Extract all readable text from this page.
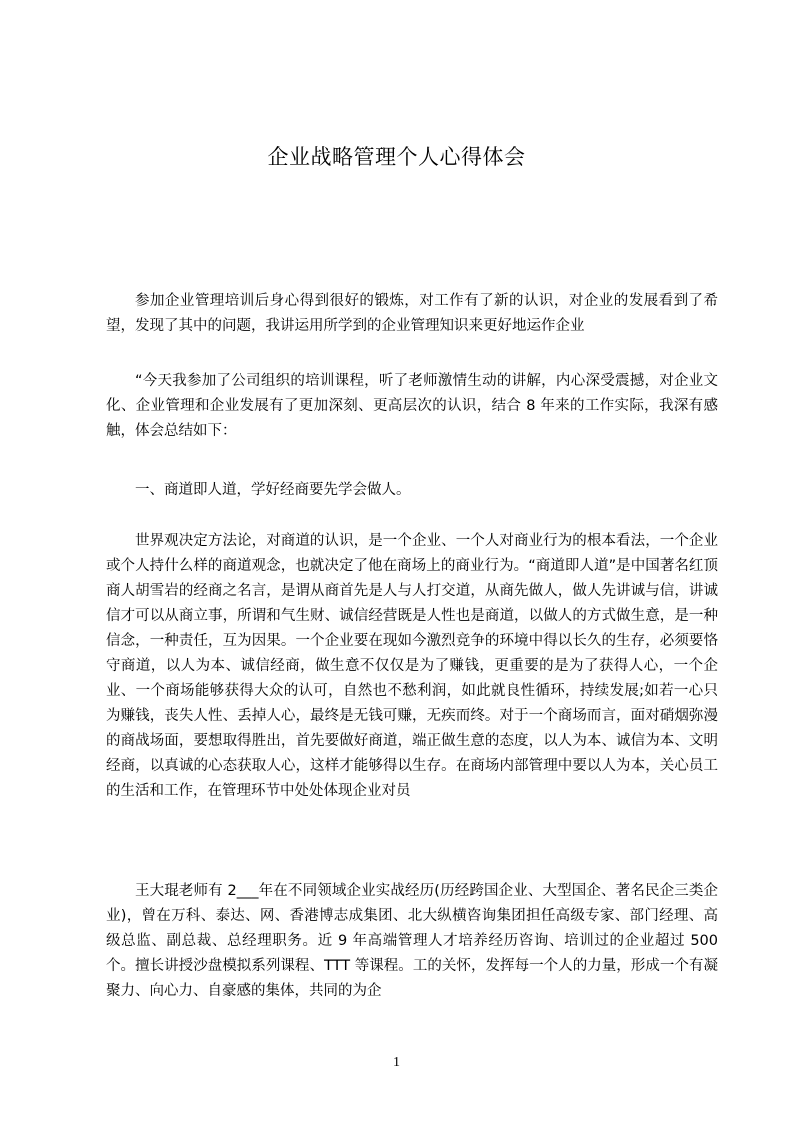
企业战略管理个人心得体会

参加企业管理培训后身心得到很好的锻炼，对工作有了新的认识，对企业的发展看到了希望，发现了其中的问题，我讲运用所学到的企业管理知识来更好地运作企业

“今天我参加了公司组织的培训课程，听了老师激情生动的讲解，内心深受震撼，对企业文化、企业管理和企业发展有了更加深刻、更高层次的认识，结合 8 年来的工作实际，我深有感触，体会总结如下：

一、商道即人道，学好经商要先学会做人。

世界观决定方法论，对商道的认识，是一个企业、一个人对商业行为的根本看法，一个企业或个人持什么样的商道观念，也就决定了他在商场上的商业行为。“商道即人道”是中国著名红顶商人胡雪岩的经商之名言，是谓从商首先是人与人打交道，从商先做人，做人先讲诚与信，讲诚信才可以从商立事，所谓和气生财、诚信经营既是人性也是商道，以做人的方式做生意，是一种信念，一种责任，互为因果。一个企业要在现如今激烈竞争的环境中得以长久的生存，必须要恪守商道，以人为本、诚信经商，做生意不仅仅是为了赚钱，更重要的是为了获得人心，一个企业、一个商场能够获得大众的认可，自然也不愁利润，如此就良性循环，持续发展;如若一心只为赚钱，丧失人性、丢掉人心，最终是无钱可赚，无疾而终。对于一个商场而言，面对硝烟弥漫的商战场面，要想取得胜出，首先要做好商道，端正做生意的态度，以人为本、诚信为本、文明经商，以真诚的心态获取人心，这样才能够得以生存。在商场内部管理中要以人为本，关心员工的生活和工作，在管理环节中处处体现企业对员

王大琨老师有 2___年在不同领域企业实战经历(历经跨国企业、大型国企、著名民企三类企业)，曾在万科、泰达、网、香港博志成集团、北大纵横咨询集团担任高级专家、部门经理、高级总监、副总裁、总经理职务。近 9 年高端管理人才培养经历咨询、培训过的企业超过 500 个。擅长讲授沙盘模拟系列课程、TTT 等课程。工的关怀，发挥每一个人的力量，形成一个有凝聚力、向心力、自豪感的集体，共同的为企

1
